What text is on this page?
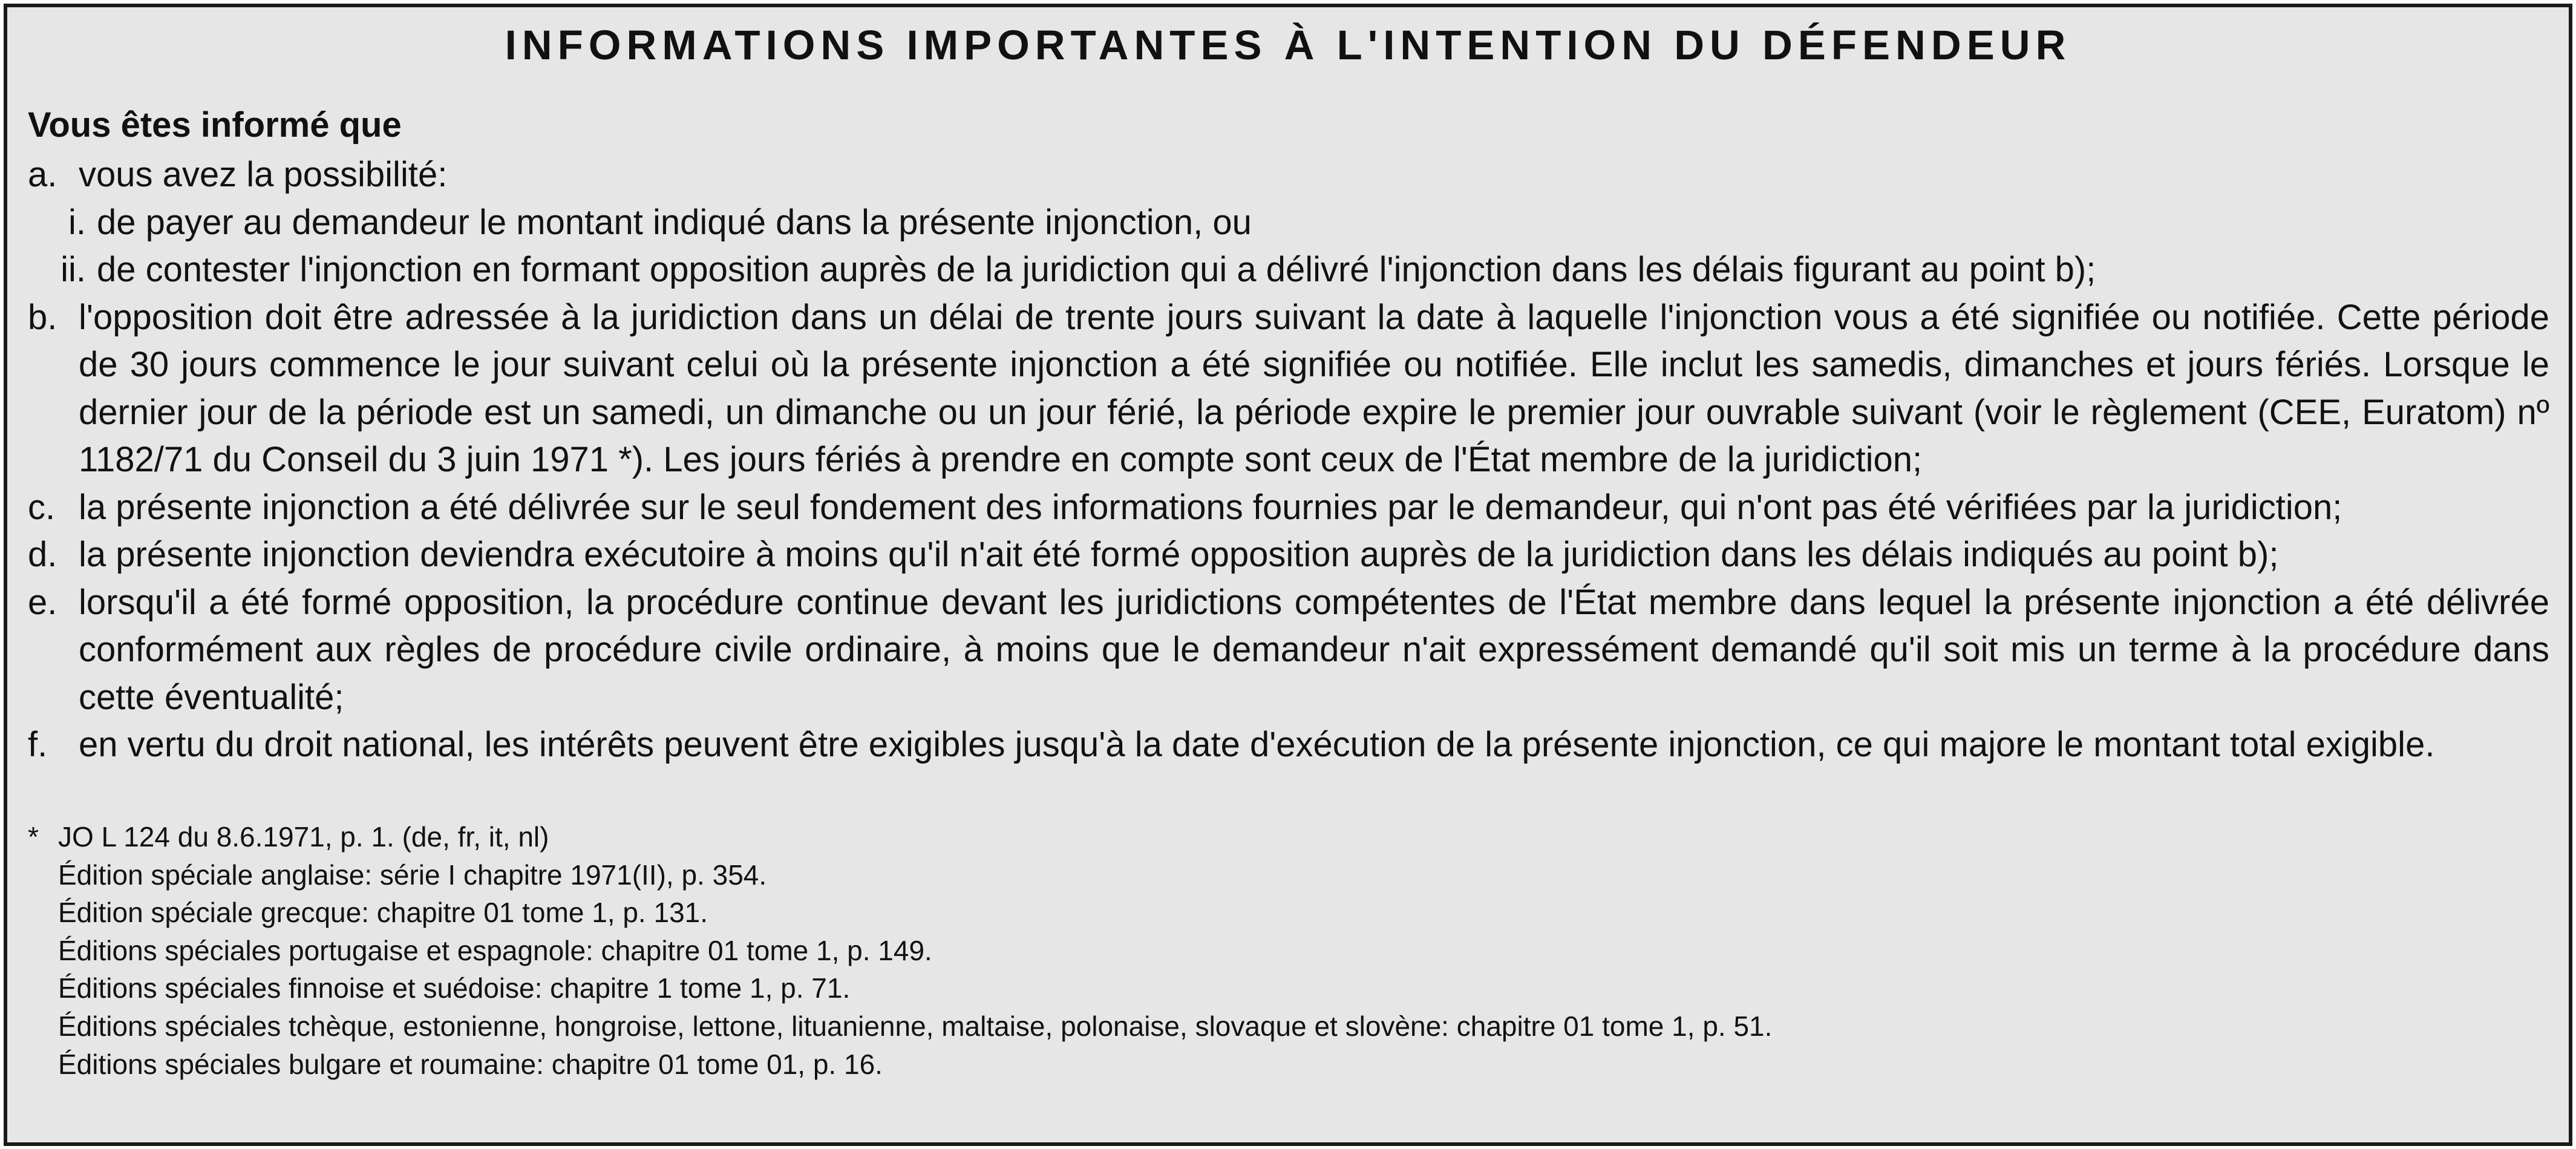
INFORMATIONS IMPORTANTES À L'INTENTION DU DÉFENDEUR
Vous êtes informé que
a. vous avez la possibilité:
i. de payer au demandeur le montant indiqué dans la présente injonction, ou
ii. de contester l'injonction en formant opposition auprès de la juridiction qui a délivré l'injonction dans les délais figurant au point b);
b. l'opposition doit être adressée à la juridiction dans un délai de trente jours suivant la date à laquelle l'injonction vous a été signifiée ou notifiée. Cette période de 30 jours commence le jour suivant celui où la présente injonction a été signifiée ou notifiée. Elle inclut les samedis, dimanches et jours fériés. Lorsque le dernier jour de la période est un samedi, un dimanche ou un jour férié, la période expire le premier jour ouvrable suivant (voir le règlement (CEE, Euratom) nº 1182/71 du Conseil du 3 juin 1971 *). Les jours fériés à prendre en compte sont ceux de l'État membre de la juridiction;
c. la présente injonction a été délivrée sur le seul fondement des informations fournies par le demandeur, qui n'ont pas été vérifiées par la juridiction;
d. la présente injonction deviendra exécutoire à moins qu'il n'ait été formé opposition auprès de la juridiction dans les délais indiqués au point b);
e. lorsqu'il a été formé opposition, la procédure continue devant les juridictions compétentes de l'État membre dans lequel la présente injonction a été délivrée conformément aux règles de procédure civile ordinaire, à moins que le demandeur n'ait expressément demandé qu'il soit mis un terme à la procédure dans cette éventualité;
f. en vertu du droit national, les intérêts peuvent être exigibles jusqu'à la date d'exécution de la présente injonction, ce qui majore le montant total exigible.
* JO L 124 du 8.6.1971, p. 1. (de, fr, it, nl)
Édition spéciale anglaise: série I chapitre 1971(II), p. 354.
Édition spéciale grecque: chapitre 01 tome 1, p. 131.
Éditions spéciales portugaise et espagnole: chapitre 01 tome 1, p. 149.
Éditions spéciales finnoise et suédoise: chapitre 1 tome 1, p. 71.
Éditions spéciales tchèque, estonienne, hongroise, lettone, lituanienne, maltaise, polonaise, slovaque et slovène: chapitre 01 tome 1, p. 51.
Éditions spéciales bulgare et roumaine: chapitre 01 tome 01, p. 16.
